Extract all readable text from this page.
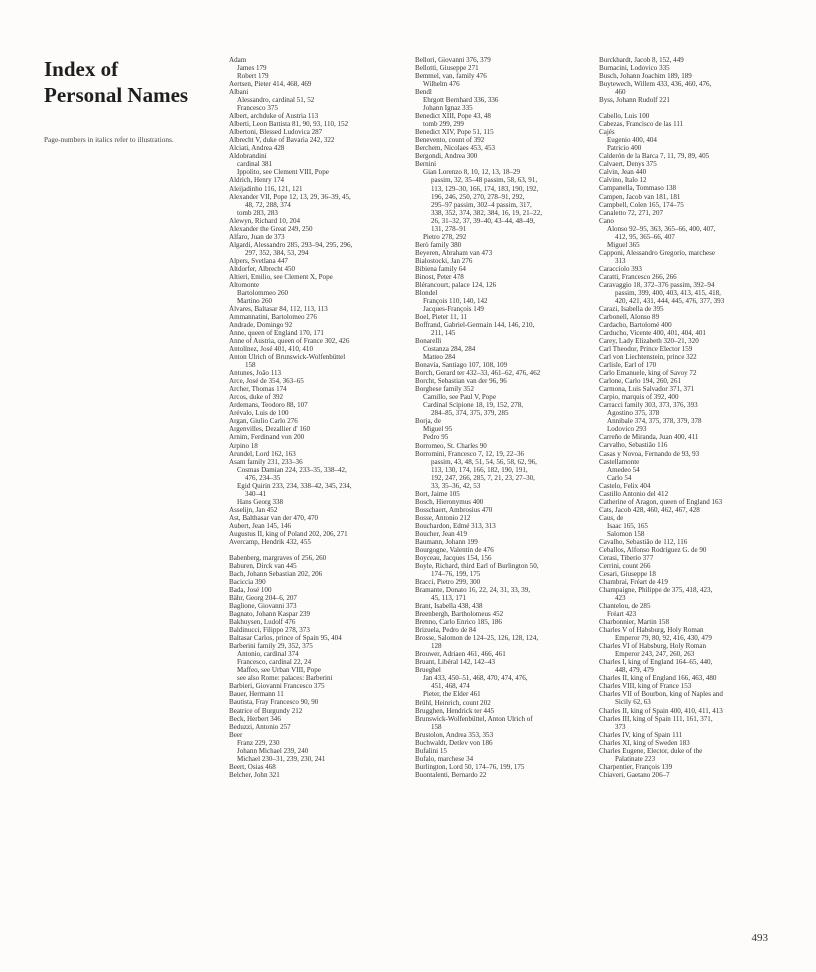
Index of
Personal Names
Page-numbers in italics refer to illustrations.
Adam
James 179
Robert 179
Aertsen, Pieter 414, 468, 469
Albani
Alessandro, cardinal 51, 52
Francesco 375
Albert, archduke of Austria 113
Alberti, Leon Battista 81, 90, 93, 110, 152
Albertoni, Blessed Ludovica 287
Albrecht V, duke of Bavaria 242, 322
Alciati, Andrea 428
Aldobrandini
cardinal 381
Ippolito, see Clement VIII, Pope
Aldrich, Henry 174
Aleijadinho 116, 121, 121
Alexander VII, Pope 12, 13, 29, 36–39, 45,
48, 72, 288, 374
tomb 283, 283
Alewyn, Richard 10, 204
Alexander the Great 249, 250
Alfaro, Juan de 373
Algardi, Alessandro 285, 293–94, 295, 296,
297, 352, 384, 53, 294
Alpers, Svetlana 447
Altdorfer, Albrecht 450
Altieri, Emilio, see Clement X, Pope
Altomonte
Bartolommeo 260
Martino 260
Álvares, Baltasar 84, 112, 113, 113
Ammannatini, Bartolomeo 276
Andrade, Domingo 92
Anne, queen of England 170, 171
Anne of Austria, queen of France 302, 426
Antolínez, José 401, 410, 410
Anton Ulrich of Brunswick-Wolfenbüttel
158
Antunes, João 113
Arce, José de 354, 363–65
Archer, Thomas 174
Arcos, duke of 392
Ardemans, Teodoro 88, 107
Arévalo, Luis de 100
Argan, Giulio Carlo 276
Argenvilles, Dezallier d' 160
Arnim, Ferdinand von 200
Arpino 18
Arundel, Lord 162, 163
Asam family 231, 233–36
Cosmas Damian 224, 233–35, 338–42,
476, 234–35
Egid Quirin 233, 234, 338–42, 345, 234,
340–41
Hans Georg 338
Asselijn, Jan 452
Ast, Balthasar van der 470, 470
Aubert, Jean 145, 146
Augustus II, king of Poland 202, 206, 271
Avercamp, Hendrik 432, 455
Babenberg, margraves of 256, 260
Baburen, Dirck van 445
Bach, Johann Sebastian 202, 206
Baciccia 390
Bada, José 100
Bähr, Georg 204–6, 207
Baglione, Giovanni 373
Bagnato, Johann Kaspar 239
Bakhuysen, Ludolf 476
Baldinucci, Filippo 278, 373
Baltasar Carlos, prince of Spain 95, 404
Barberini family 29, 352, 375
Antonio, cardinal 374
Francesco, cardinal 22, 24
Maffeo, see Urban VIII, Pope
see also Rome: palaces: Barberini
Barbieri, Giovanni Francesco 375
Bauer, Hermann 11
Bautista, Fray Francesco 90, 90
Beatrice of Burgundy 212
Beck, Herbert 346
Beduzzi, Antonio 257
Beer
Franz 229, 230
Johann Michael 239, 240
Michael 230–31, 239, 230, 241
Beert, Osias 468
Belcher, John 321
Bellori, Giovanni 376, 379
Bellotti, Giuseppe 271
Bemmel, van, family 476
Wilhelm 476
Bendl
Ehrgott Bernhard 336, 336
Johann Ignaz 335
Benedict XIII, Pope 43, 48
tomb 299, 299
Benedict XIV, Pope 51, 115
Benevento, count of 392
Berchem, Nicolaes 453, 453
Bergondi, Andrea 300
Bernini
Gian Lorenzo 8, 10, 12, 13, 18–29
passim, 32, 35–48 passim, 58, 63, 91,
113, 129–30, 166, 174, 183, 190, 192,
196, 246, 250, 270, 278–91, 292,
295–97 passim, 302–4 passim, 317,
338, 352, 374, 382, 384, 16, 19, 21–22,
26, 31–32, 37, 39–40, 43–44, 48–49,
131, 278–91
Pietro 278, 292
Berò family 380
Beyeren, Abraham van 473
Bialostocki, Jan 276
Bibiena family 64
Binost, Peter 478
Blérancourt, palace 124, 126
Blondel
François 110, 140, 142
Jacques-François 149
Boel, Pieter 11, 11
Boffrand, Gabriel-Germain 144, 146, 210,
211, 145
Bonarelli
Costanza 284, 284
Matteo 284
Bonavía, Santiago 107, 108, 109
Borch, Gerard ter 432–33, 461–62, 476, 462
Borcht, Sebastian van der 96, 96
Borghese family 352
Camillo, see Paul V, Pope
Cardinal Scipione 18, 19, 152, 278,
284–85, 374, 375, 379, 285
Borja, de
Miguel 95
Pedro 95
Borromeo, St. Charles 90
Borromini, Francesco 7, 12, 19, 22–36
passim, 43, 48, 51, 54, 56, 58, 62, 96,
113, 130, 174, 166, 182, 190, 191,
192, 247, 266, 285, 7, 21, 23, 27–30,
33, 35–36, 42, 53
Bort, Jaime 105
Bosch, Hieronymus 400
Bosschaert, Ambrosius 470
Bosse, Antonio 212
Bouchardon, Edmé 313, 313
Boucher, Jean 419
Baumann, Johann 199
Bourgogne, Valentin de 476
Boyceau, Jacques 154, 156
Boyle, Richard, third Earl of Burlington 50,
174–76, 199, 175
Bracci, Pietro 299, 300
Bramante, Donato 16, 22, 24, 31, 33, 39,
45, 113, 171
Brant, Isabella 438, 438
Breenbergh, Bartholomeus 452
Brenno, Carlo Enrico 185, 186
Brizuela, Pedro de 84
Brosse, Salomon de 124–25, 126, 128, 124,
128
Brouwer, Adriaen 461, 466, 461
Bruant, Libéral 142, 142–43
Brueghel
Jan 433, 450–51, 468, 470, 474, 476,
451, 468, 474
Pieter, the Elder 461
Brühl, Heinrich, count 202
Brugghen, Hendrick ter 445
Brunswick-Wolfenbüttel, Anton Ulrich of
158
Brustolon, Andrea 353, 353
Buchwaldt, Detlev von 186
Bufalini 15
Bufalo, marchese 34
Burlington, Lord 50, 174–76, 199, 175
Buontalenti, Bernardo 22
Burckhardt, Jacob 8, 152, 449
Burnacini, Lodovico 335
Busch, Johann Joachim 189, 189
Buytewech, Willem 433, 436, 460, 476,
460
Byss, Johann Rudolf 221
Cabello, Luis 100
Cabezas, Francisco de las 111
Cajés
Eugenio 400, 404
Patricio 400
Calderón de la Barca 7, 11, 79, 89, 405
Calvaert, Denys 375
Calvin, Jean 440
Calvino, Italo 12
Campanella, Tommaso 138
Campen, Jacob van 181, 181
Campbell, Colen 165, 174–75
Canaletto 72, 271, 207
Cano
Alonso 92–95, 363, 365–66, 400, 407,
412, 95, 365–66, 407
Miguel 365
Capponi, Alessandro Gregorio, marchese
313
Caracciolo 393
Caratti, Francesco 266, 266
Caravaggio 18, 372–376 passim, 392–94
passim, 399, 400, 403, 413, 415, 418,
420, 421, 431, 444, 445, 476, 377, 393
Carazi, Isabella de 395
Carbonell, Alonso 89
Cardacho, Bartolomé 400
Carducho, Vicente 400, 401, 404, 401
Carey, Lady Elizabeth 320–21, 320
Carl Theodor, Prince Elector 159
Carl von Liechtenstein, prince 322
Carlisle, Earl of 170
Carlo Emanuele, king of Savoy 72
Carlone, Carlo 194, 260, 261
Carmona, Luis Salvador 371, 371
Carpio, marquis of 392, 400
Carracci family 303, 373, 376, 393
Agostino 375, 378
Annibale 374, 375, 378, 379, 378
Lodovico 293
Carreño de Miranda, Juan 400, 411
Carvalho, Sebastião 116
Casas y Novoa, Fernando de 93, 93
Castellamonte
Amedeo 54
Carlo 54
Castelo, Felix 404
Castillo Antonio del 412
Catherine of Aragon, queen of England 163
Cats, Jacob 428, 460, 462, 467, 428
Caus, de
Isaac 165, 165
Salomon 158
Cavalho, Sebastião de 112, 116
Ceballos, Alfonso Rodríguez G. de 90
Cerasi, Tiberio 377
Cerrini, count 266
Cesari, Giuseppe 18
Chambrai, Fréart de 419
Champaigne, Philippe de 375, 418, 423,
423
Chantelou, de 285
Fréart 423
Charbonnier, Martin 158
Charles V of Habsburg, Holy Roman
Emperor 79, 80, 92, 416, 430, 479
Charles VI of Habsburg, Holy Roman
Emperor 243, 247, 260, 263
Charles I, king of England 164–65, 440,
448, 479, 479
Charles II, king of England 166, 463, 480
Charles VIII, king of France 153
Charles VII of Bourbon, king of Naples and
Sicily 62, 63
Charles II, king of Spain 400, 410, 411, 413
Charles III, king of Spain 111, 161, 371,
373
Charles IV, king of Spain 111
Charles XI, king of Sweden 183
Charles Eugene, Elector, duke of the
Palatinate 223
Charpentier, François 139
Chiaveri, Gaetano 206–7
493
